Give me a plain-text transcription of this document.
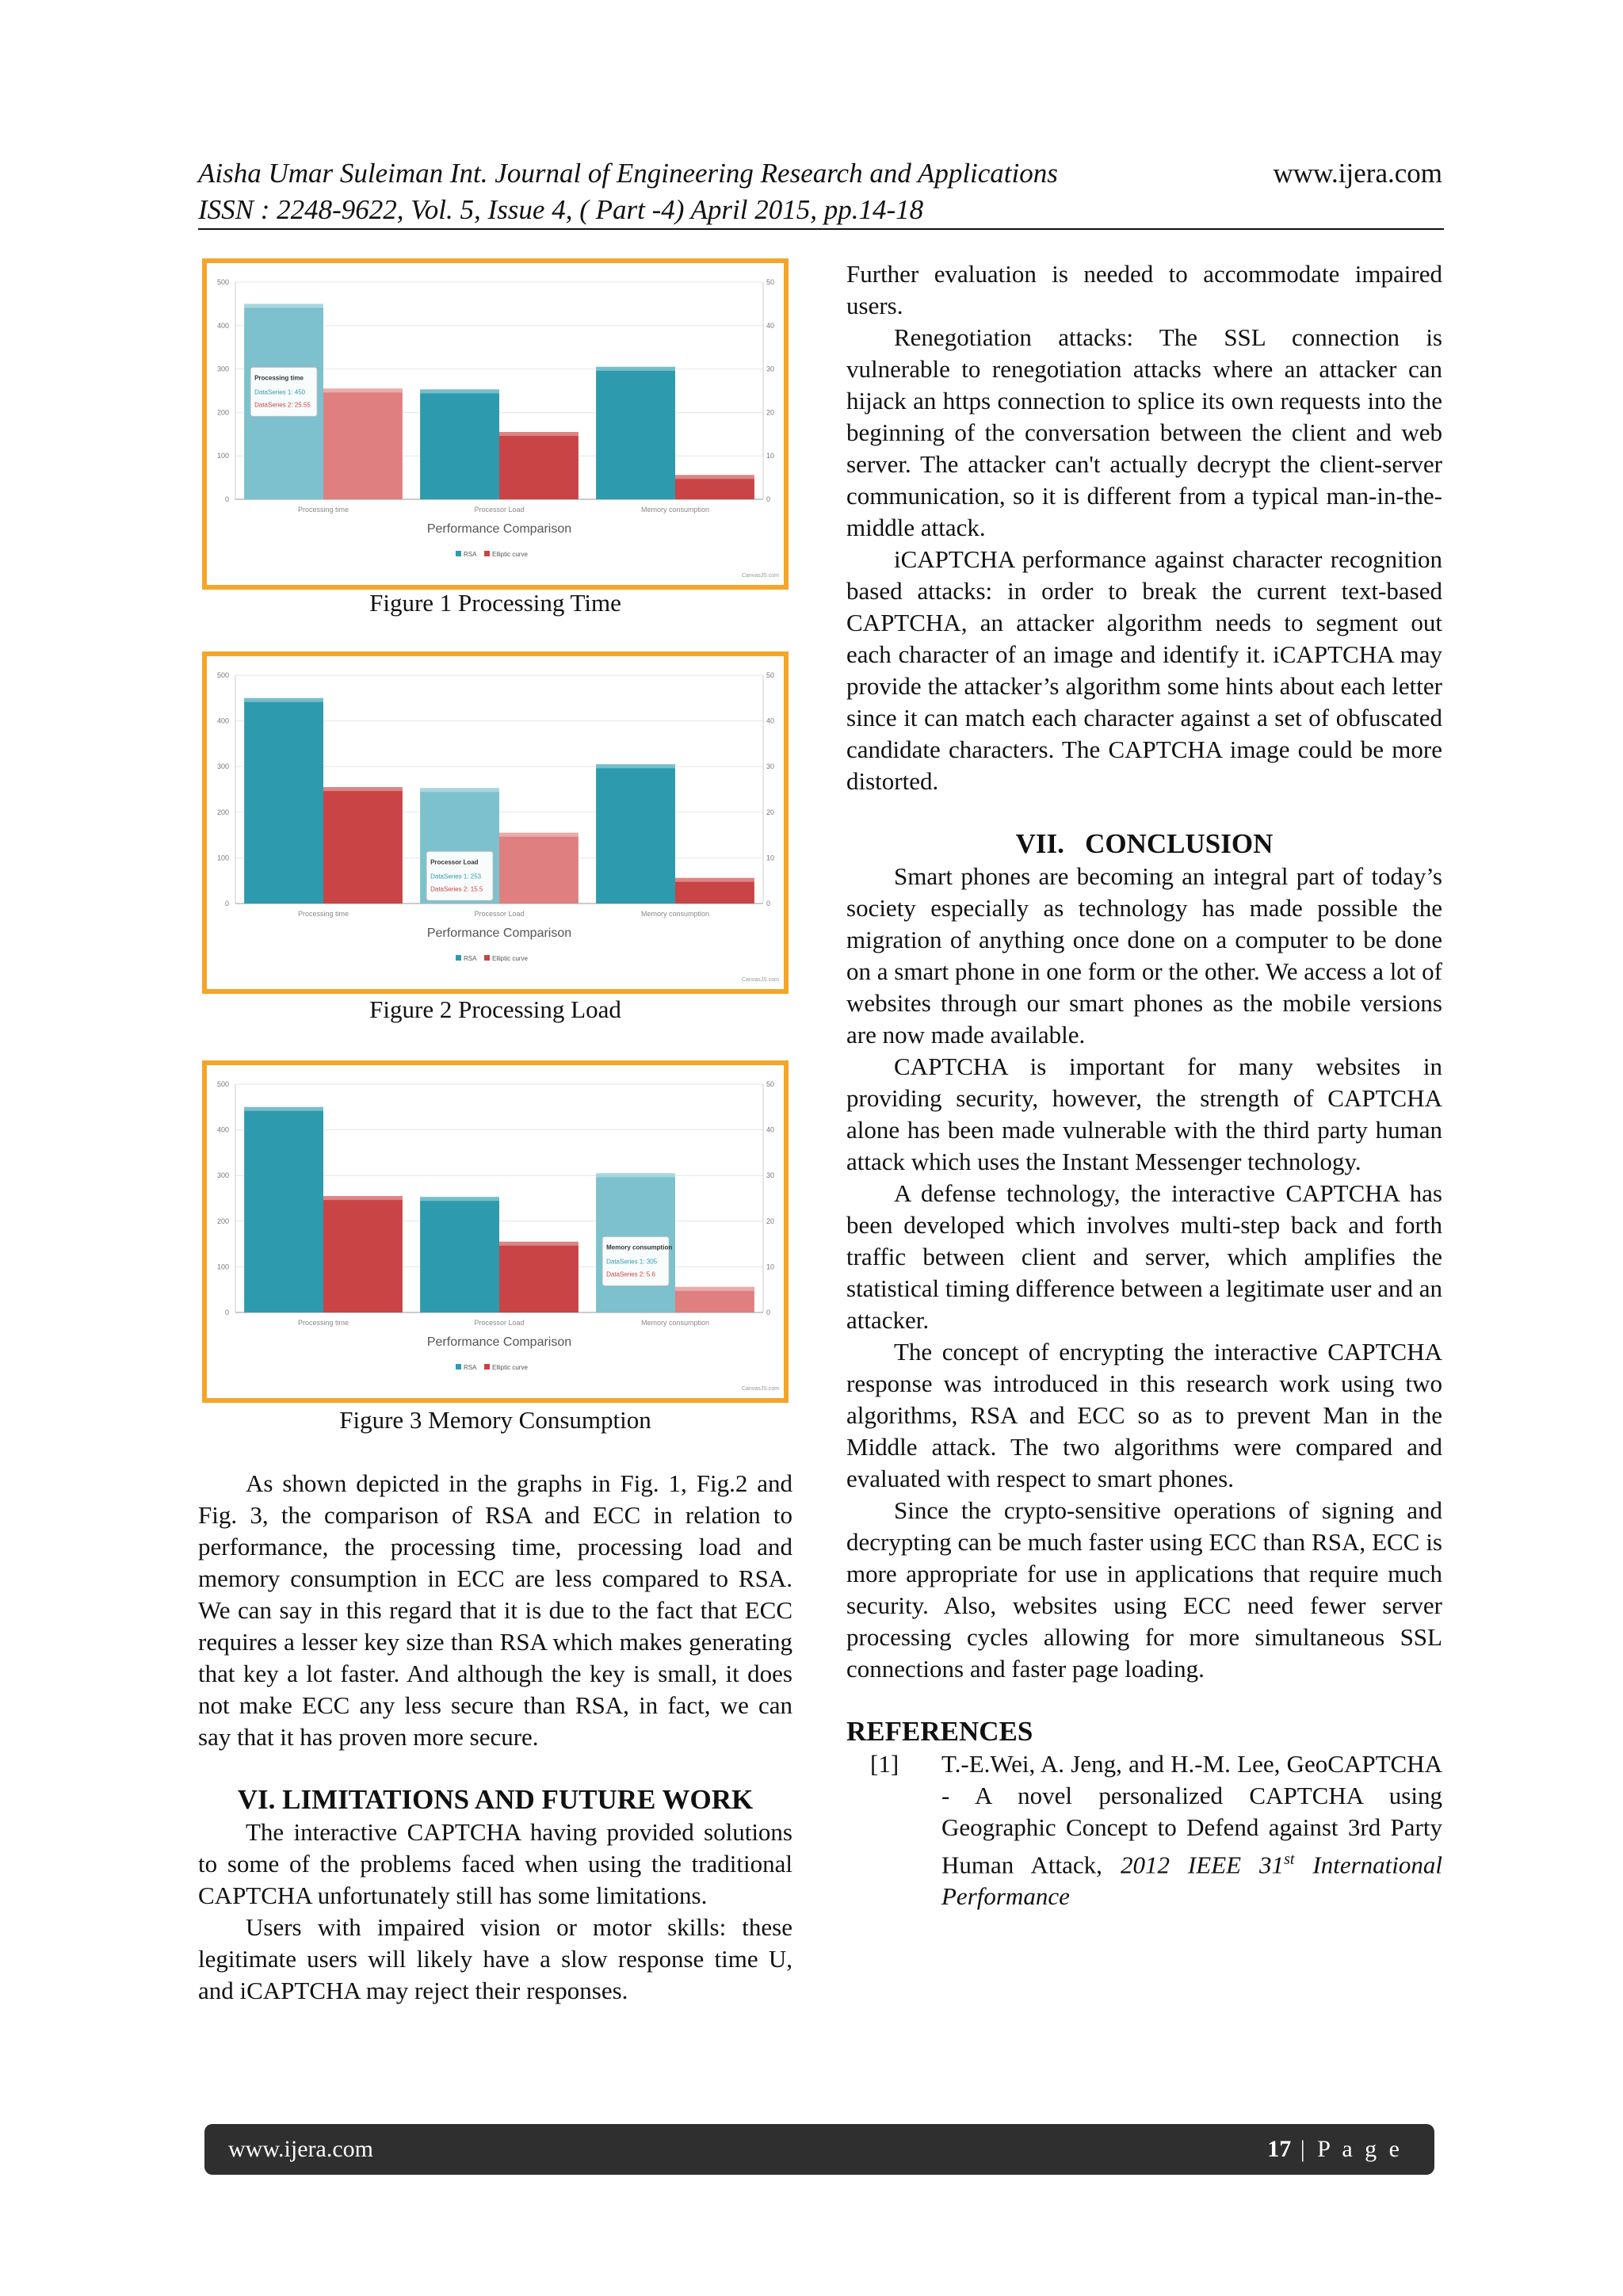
Aisha Umar Suleiman Int. Journal of Engineering Research and Applications
ISSN : 2248-9622, Vol. 5, Issue 4, ( Part -4) April 2015, pp.14-18
www.ijera.com
0	0
100	10
200	20
300	30
400	40
500	50
Processing time	Processor Load	Memory consumption
Performance Comparison
RSA Elliptic curve
CanvasJS.com
Processing time
DataSeries 1: 450
DataSeries 2: 25.55
Figure 1 Processing Time
0	0
100	10
200	20
300	30
400	40
500	50
Processing time	Processor Load	Memory consumption
Performance Comparison
RSA Elliptic curve
CanvasJS.com
Processor Load
DataSeries 1: 253
DataSeries 2: 15.5
Figure 2 Processing Load
0	0
100	10
200	20
300	30
400	40
500	50
Processing time	Processor Load	Memory consumption
Performance Comparison
RSA Elliptic curve
CanvasJS.com
Memory consumption
DataSeries 1: 305
DataSeries 2: 5.6
Figure 3 Memory Consumption

As shown depicted in the graphs in Fig. 1, Fig.2 and Fig. 3, the comparison of RSA and ECC in relation to performance, the processing time, processing load and memory consumption in ECC are less compared to RSA. We can say in this regard that it is due to the fact that ECC requires a lesser key size than RSA which makes generating that key a lot faster. And although the key is small, it does not make ECC any less secure than RSA, in fact, we can say that it has proven more secure.

VI. LIMITATIONS AND FUTURE WORK

The interactive CAPTCHA having provided solutions to some of the problems faced when using the traditional CAPTCHA unfortunately still has some limitations.

Users with impaired vision or motor skills: these legitimate users will likely have a slow response time U, and iCAPTCHA may reject their responses.

Further evaluation is needed to accommodate impaired users.

Renegotiation attacks: The SSL connection is vulnerable to renegotiation attacks where an attacker can hijack an https connection to splice its own requests into the beginning of the conversation between the client and web server. The attacker can't actually decrypt the client-server communication, so it is different from a typical man-in-the-middle attack.

iCAPTCHA performance against character recognition based attacks: in order to break the current text-based CAPTCHA, an attacker algorithm needs to segment out each character of an image and identify it. iCAPTCHA may provide the attacker’s algorithm some hints about each letter since it can match each character against a set of obfuscated candidate characters. The CAPTCHA image could be more distorted.

VII.   CONCLUSION

Smart phones are becoming an integral part of today’s society especially as technology has made possible the migration of anything once done on a computer to be done on a smart phone in one form or the other. We access a lot of websites through our smart phones as the mobile versions are now made available.

CAPTCHA is important for many websites in providing security, however, the strength of CAPTCHA alone has been made vulnerable with the third party human attack which uses the Instant Messenger technology.

A defense technology, the interactive CAPTCHA has been developed which involves multi-step back and forth traffic between client and server, which amplifies the statistical timing difference between a legitimate user and an attacker.

The concept of encrypting the interactive CAPTCHA response was introduced in this research work using two algorithms, RSA and ECC so as to prevent Man in the Middle attack. The two algorithms were compared and evaluated with respect to smart phones.

Since the crypto-sensitive operations of signing and decrypting can be much faster using ECC than RSA, ECC is more appropriate for use in applications that require much security. Also, websites using ECC need fewer server processing cycles allowing for more simultaneous SSL connections and faster page loading.

REFERENCES
[1] T.-E.Wei, A. Jeng, and H.-M. Lee, GeoCAPTCHA - A novel personalized CAPTCHA using Geographic Concept to Defend against 3rd Party Human Attack, 2012 IEEE 31st International Performance
www.ijera.com	17 | P a g e
